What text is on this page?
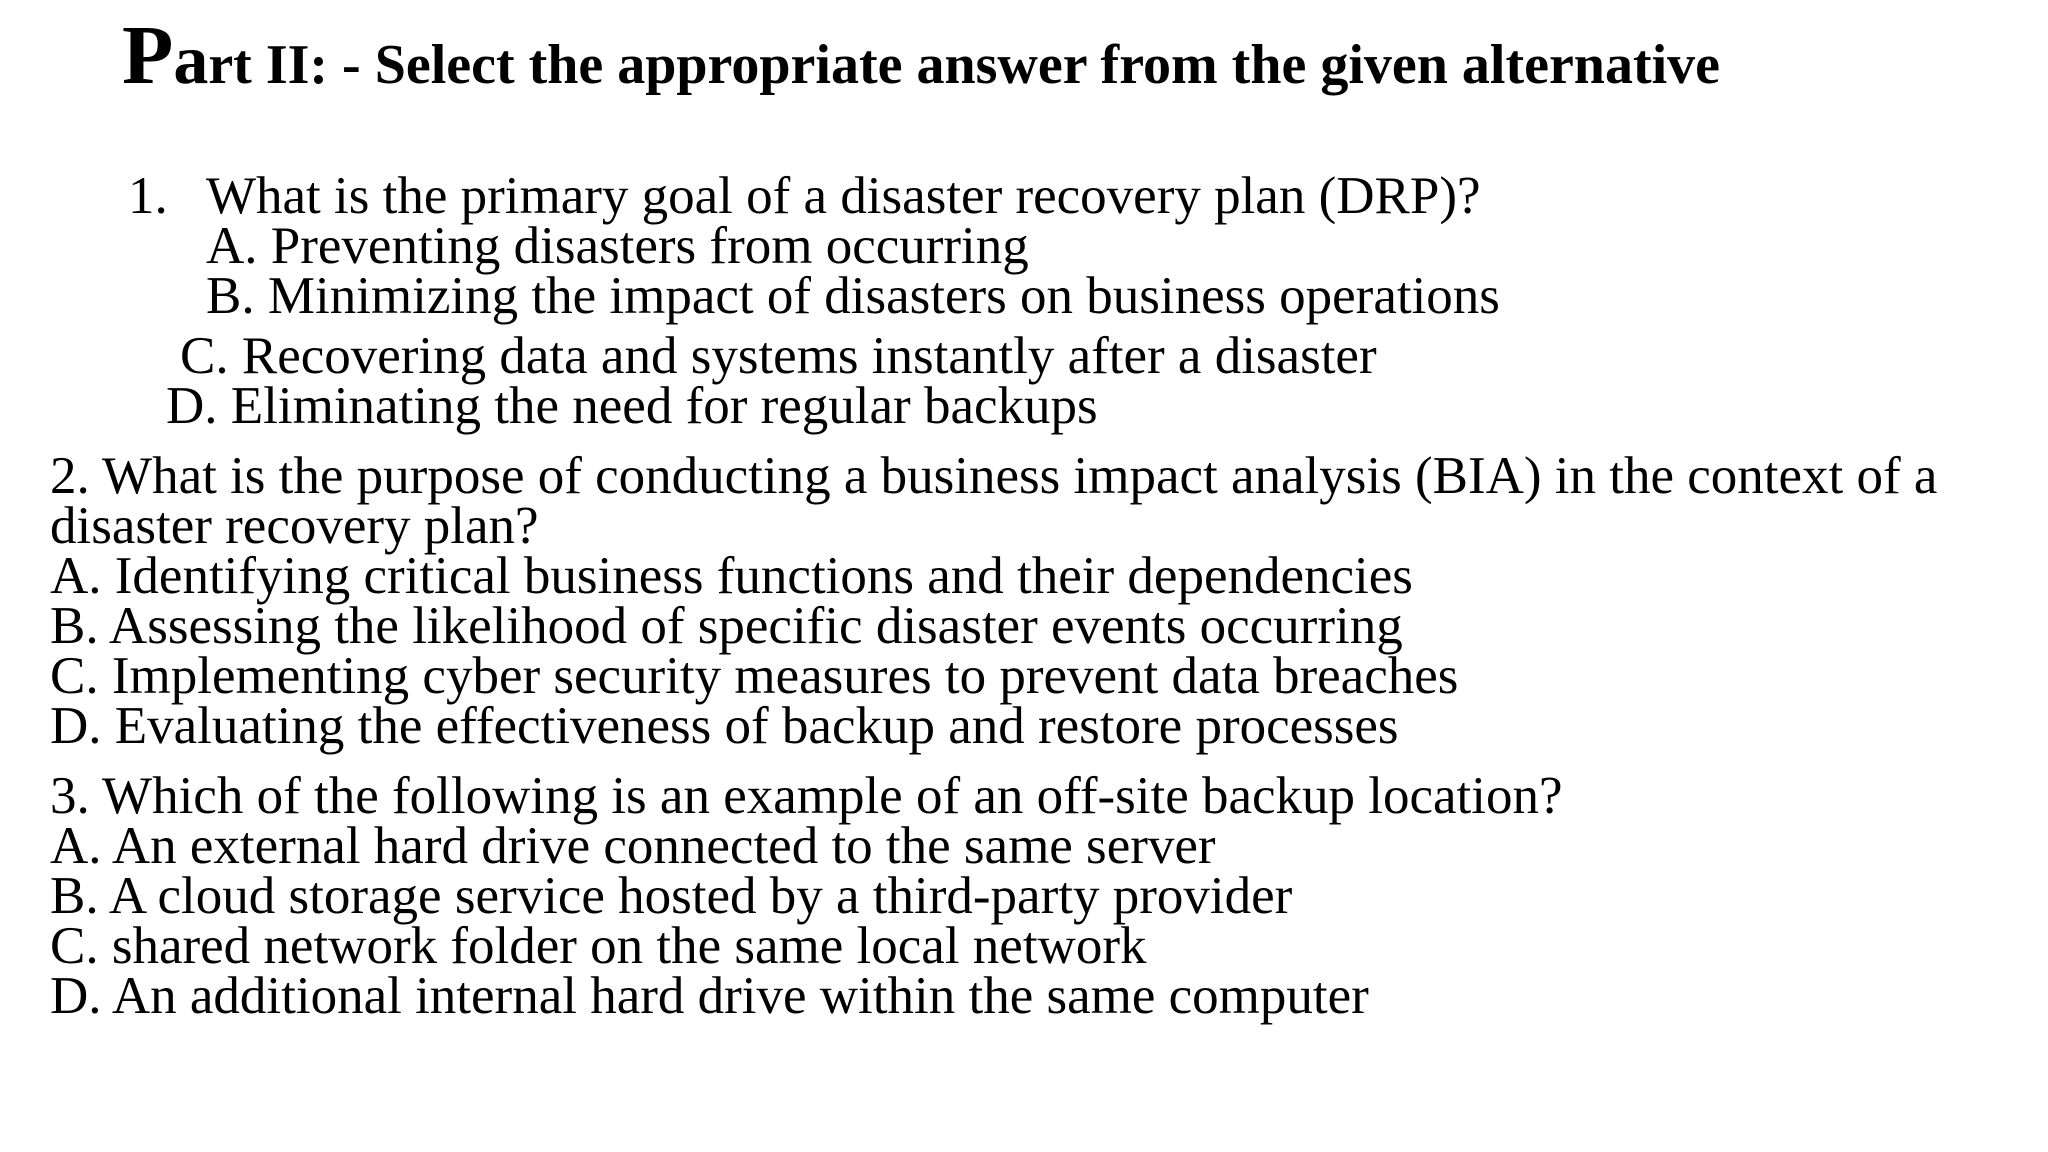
Part II: - Select the appropriate answer from the given alternative
1. What is the primary goal of a disaster recovery plan (DRP)?
A. Preventing disasters from occurring
B. Minimizing the impact of disasters on business operations
C. Recovering data and systems instantly after a disaster
D. Eliminating the need for regular backups
2. What is the purpose of conducting a business impact analysis (BIA) in the context of a
disaster recovery plan?
A. Identifying critical business functions and their dependencies
B. Assessing the likelihood of specific disaster events occurring
C. Implementing cyber security measures to prevent data breaches
D. Evaluating the effectiveness of backup and restore processes
3. Which of the following is an example of an off-site backup location?
A. An external hard drive connected to the same server
B. A cloud storage service hosted by a third-party provider
C. shared network folder on the same local network
D. An additional internal hard drive within the same computer
